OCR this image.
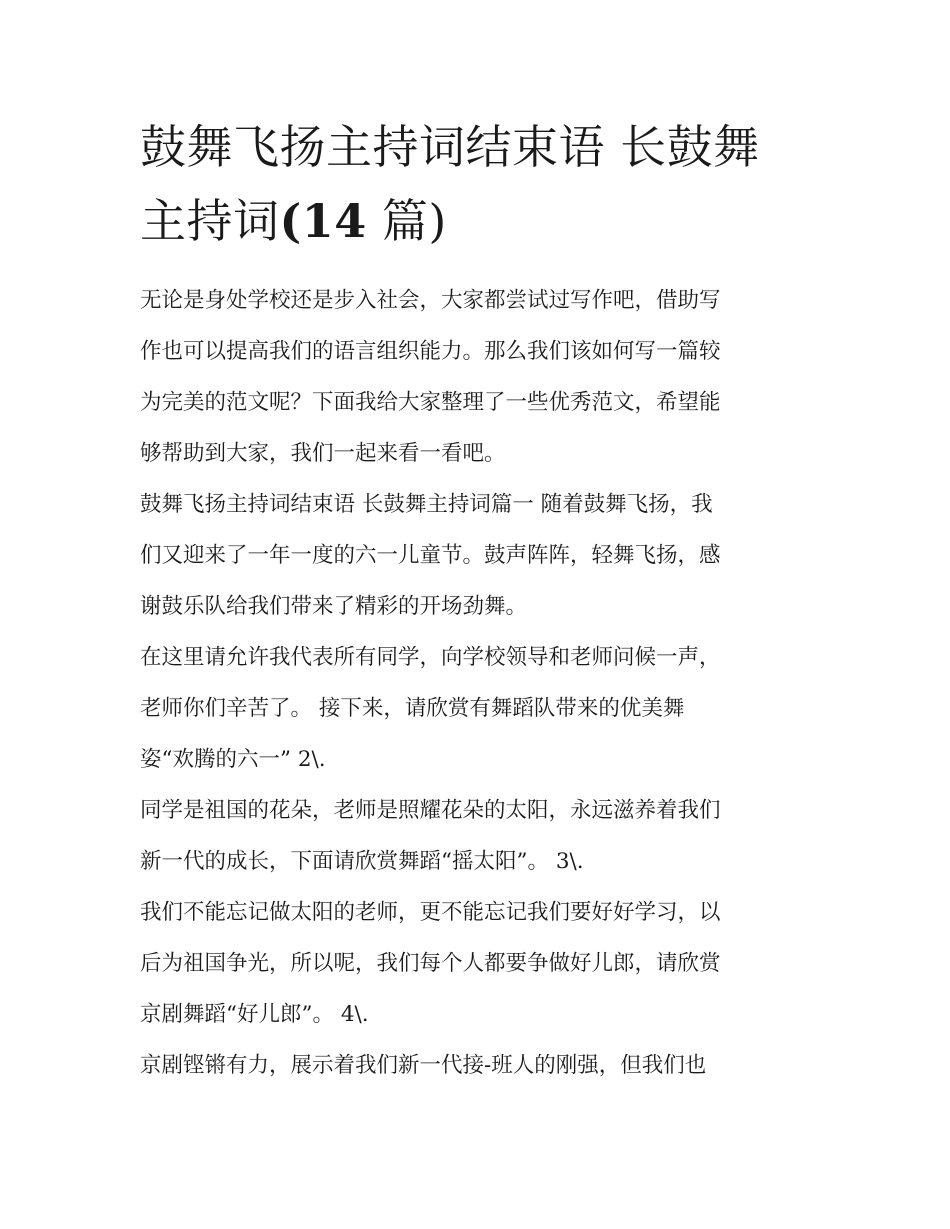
鼓舞飞扬主持词结束语 长鼓舞
主持词(14 篇)

无论是身处学校还是步入社会，大家都尝试过写作吧，借助写
作也可以提高我们的语言组织能力。那么我们该如何写一篇较
为完美的范文呢？下面我给大家整理了一些优秀范文，希望能
够帮助到大家，我们一起来看一看吧。

鼓舞飞扬主持词结束语 长鼓舞主持词篇一 随着鼓舞飞扬，我
们又迎来了一年一度的六一儿童节。鼓声阵阵，轻舞飞扬，感
谢鼓乐队给我们带来了精彩的开场劲舞。

在这里请允许我代表所有同学，向学校领导和老师问候一声，
老师你们辛苦了。 接下来，请欣赏有舞蹈队带来的优美舞
姿“欢腾的六一” 2\.

同学是祖国的花朵，老师是照耀花朵的太阳，永远滋养着我们
新一代的成长，下面请欣赏舞蹈“摇太阳”。 3\.

我们不能忘记做太阳的老师，更不能忘记我们要好好学习，以
后为祖国争光，所以呢，我们每个人都要争做好儿郎，请欣赏
京剧舞蹈“好儿郎”。 4\.

京剧铿锵有力，展示着我们新一代接-班人的刚强，但我们也
